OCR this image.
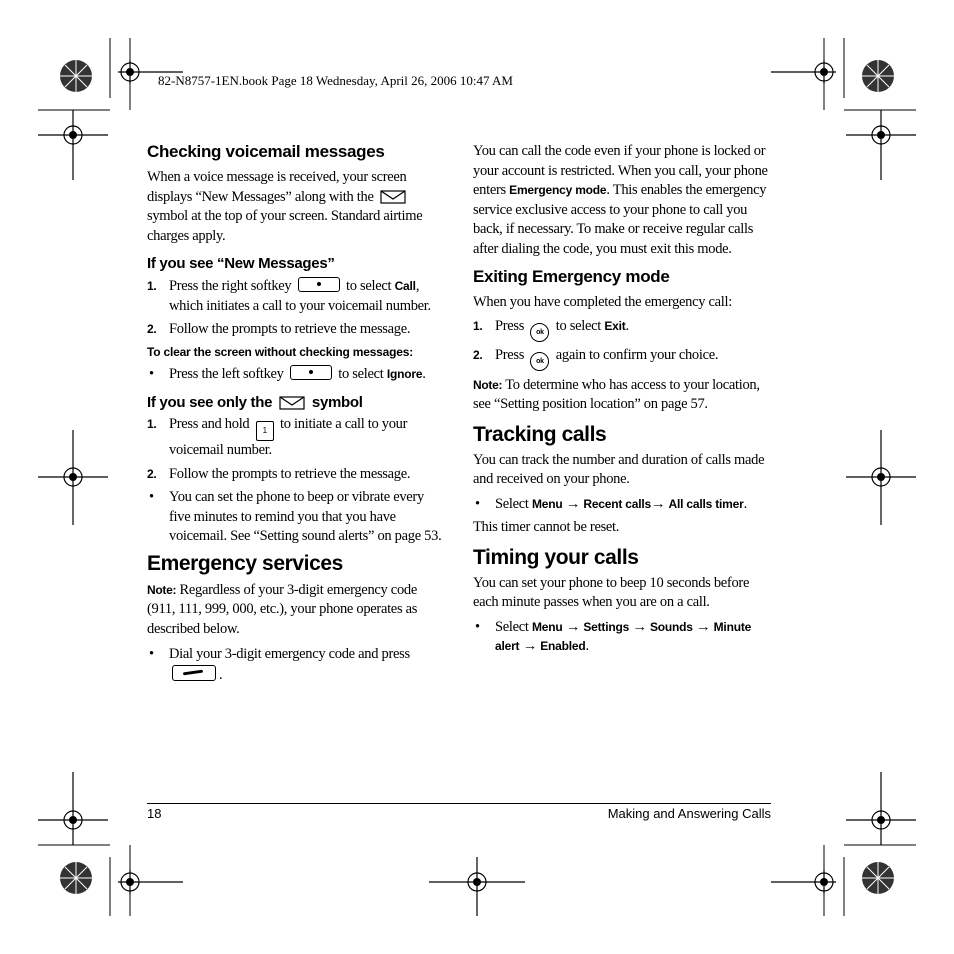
82-N8757-1EN.book Page 18 Wednesday, April 26, 2006 10:47 AM
Checking voicemail messages

When a voice message is received, your screen displays “New Messages” along with the  symbol at the top of your screen. Standard airtime charges apply.

If you see “New Messages”
1. Press the right softkey	to select Call, which initiates a call to your voicemail number.
2. Follow the prompts to retrieve the message.
To clear the screen without checking messages:
• Press the left softkey	to select Ignore.
If you see only the	symbol
1. Press and hold 1 to initiate a call to your voicemail number.
2. Follow the prompts to retrieve the message.
• You can set the phone to beep or vibrate every five minutes to remind you that you have voicemail. See “Setting sound alerts” on page 53.
Emergency services

Note: Regardless of your 3-digit emergency code (911, 111, 999, 000, etc.), your phone operates as described below.

• Dial your 3-digit emergency code and press .

You can call the code even if your phone is locked or your account is restricted. When you call, your phone enters Emergency mode. This enables the emergency service exclusive access to your phone to call you back, if necessary. To make or receive regular calls after dialing the code, you must exit this mode.

Exiting Emergency mode

When you have completed the emergency call:

1. Press ok to select Exit.
2. Press ok again to confirm your choice.

Note: To determine who has access to your location, see “Setting position location” on page 57.

Tracking calls

You can track the number and duration of calls made and received on your phone.

• Select Menu → Recent calls→ All calls timer.

This timer cannot be reset.

Timing your calls

You can set your phone to beep 10 seconds before each minute passes when you are on a call.

• Select Menu → Settings → Sounds → Minute alert → Enabled.
18	Making and Answering Calls
